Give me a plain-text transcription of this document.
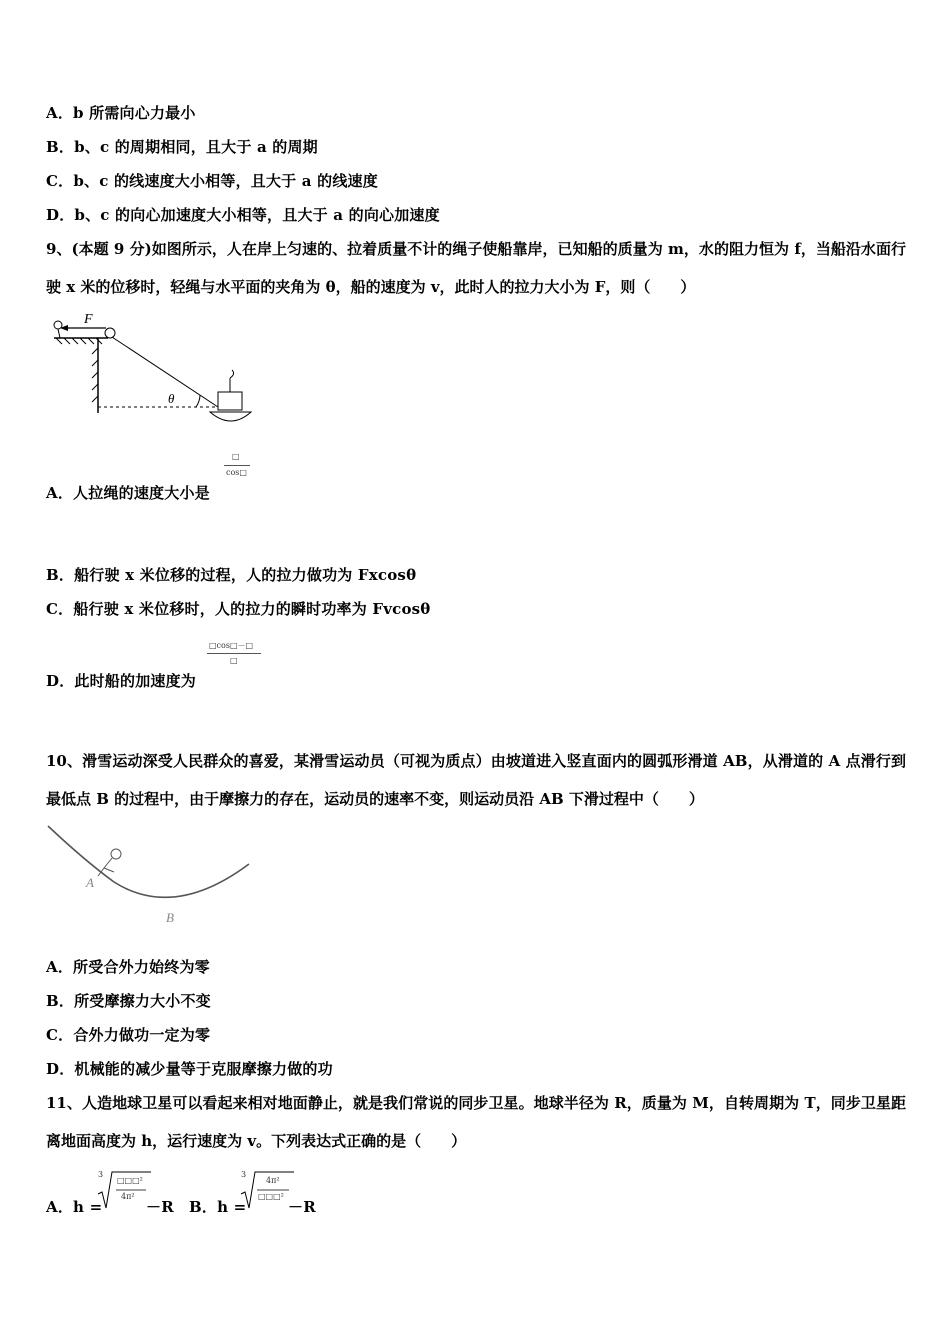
A．b 所需向心力最小
B．b、c 的周期相同，且大于 a 的周期
C．b、c 的线速度大小相等，且大于 a 的线速度
D．b、c 的向心加速度大小相等，且大于 a 的向心加速度
9、(本题 9 分)如图所示，人在岸上匀速的、拉着质量不计的绳子使船靠岸，已知船的质量为 m，水的阻力恒为 f，当船沿水面行驶 x 米的位移时，轻绳与水平面的夹角为 θ，船的速度为 v，此时人的拉力大小为 F，则（　　）
F
θ
□
cos□
A．人拉绳的速度大小是
B．船行驶 x 米位移的过程，人的拉力做功为 Fxcosθ
C．船行驶 x 米位移时，人的拉力的瞬时功率为 Fvcosθ
□cos□－□
□
D．此时船的加速度为
10、滑雪运动深受人民群众的喜爱，某滑雪运动员（可视为质点）由坡道进入竖直面内的圆弧形滑道 AB，从滑道的 A 点滑行到最低点 B 的过程中，由于摩擦力的存在，运动员的速率不变，则运动员沿 AB 下滑过程中（　　）
A
B
A．所受合外力始终为零
B．所受摩擦力大小不变
C．合外力做功一定为零
D．机械能的减少量等于克服摩擦力做的功
11、人造地球卫星可以看起来相对地面静止，就是我们常说的同步卫星。地球半径为 R，质量为 M，自转周期为 T，同步卫星距离地面高度为 h，运行速度为 v。下列表达式正确的是（　　）
A．h =
3
□□□²
4π²
－R B．h =
3
4π²
□□□²
－R
